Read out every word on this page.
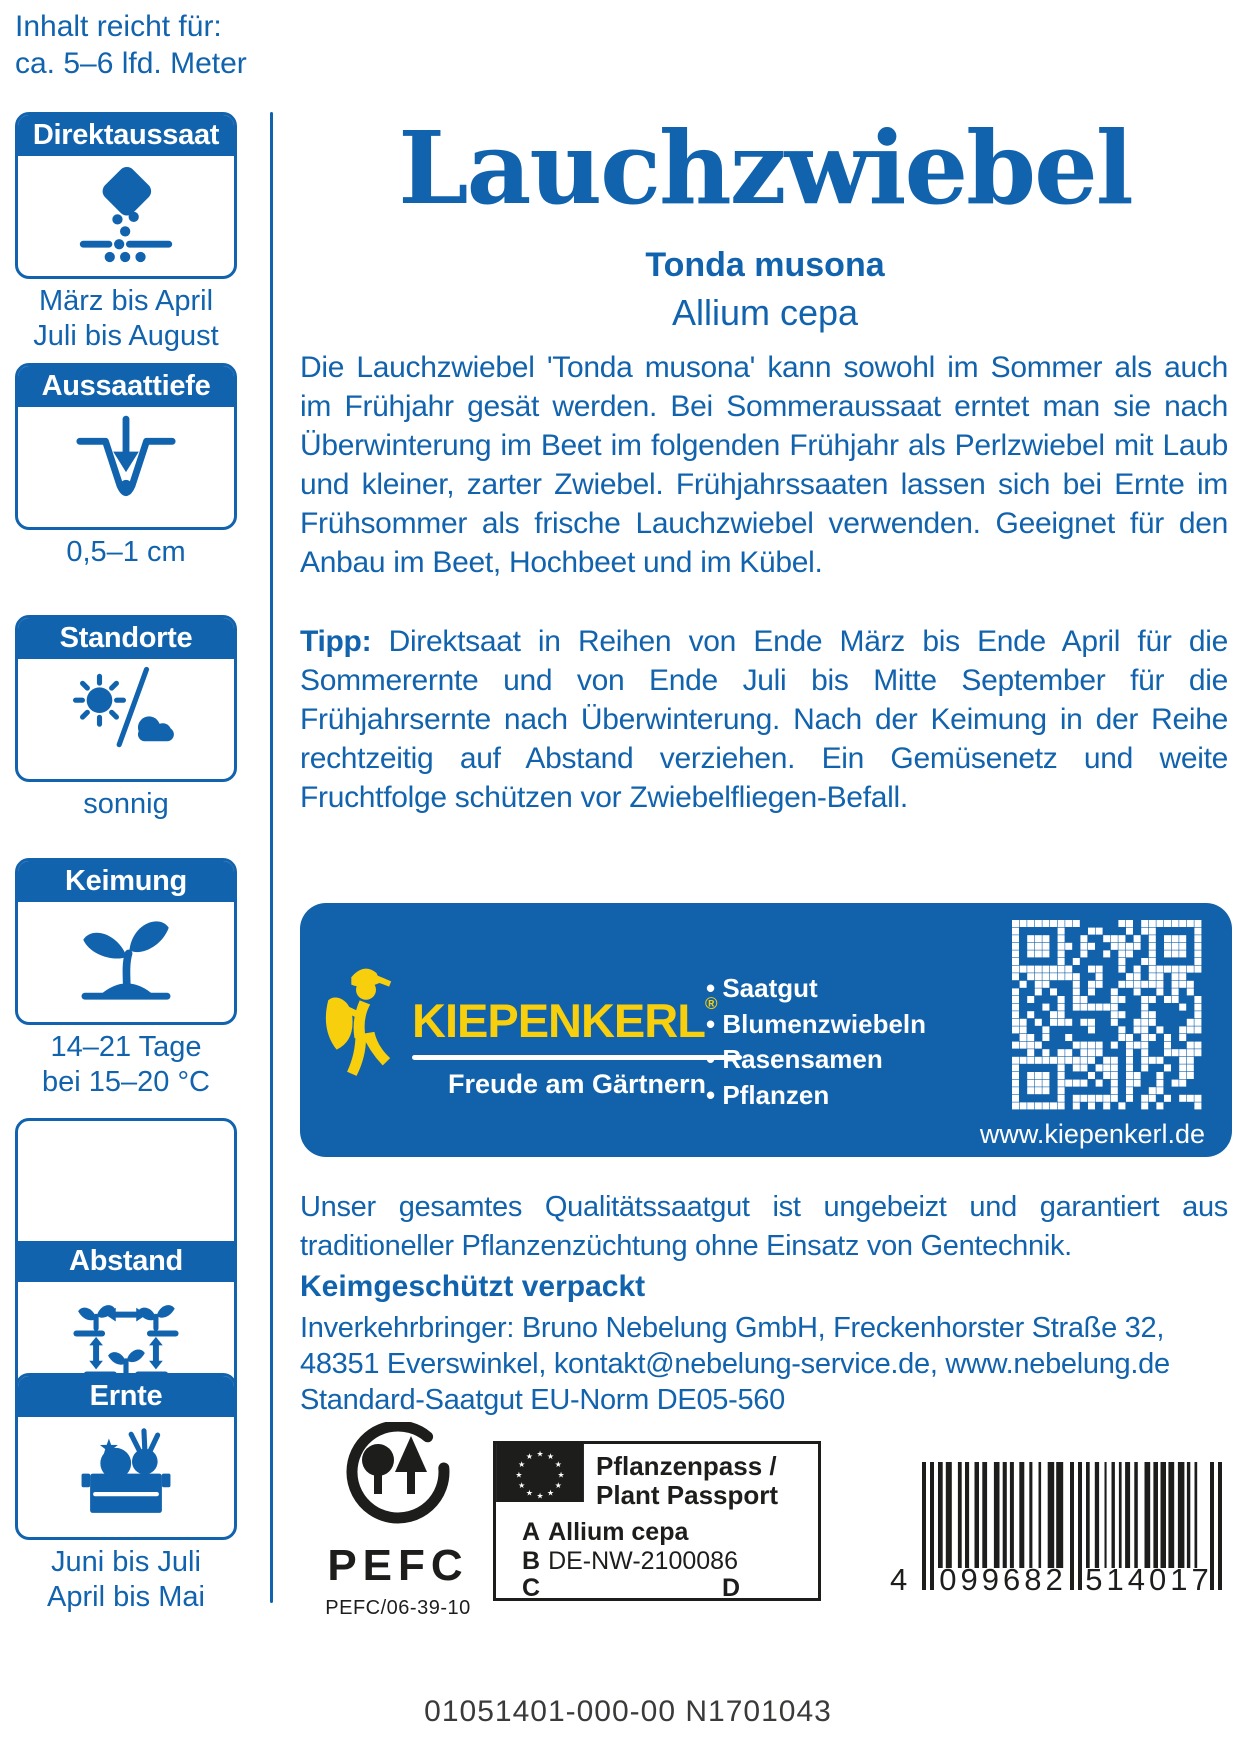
Inhalt reicht für:
ca. 5–6 lfd. Meter
Direktaussaat
März bis April
Juli bis August
Aussaattiefe
0,5–1 cm
Standorte
sonnig
Keimung
14–21 Tage
bei 15–20 °C
Abstand
Ernte
Juni bis Juli
April bis Mai
Lauchzwiebel
Tonda musona
Allium cepa

Die Lauchzwiebel 'Tonda musona' kann sowohl im Sommer als auch im Frühjahr gesät werden. Bei Sommeraussaat erntet man sie nach Überwinterung im Beet im folgenden Frühjahr als Perlzwiebel mit Laub und kleiner, zarter Zwiebel. Frühjahrssaaten lassen sich bei Ernte im Frühsommer als frische Lauchzwiebel verwenden. Geeignet für den Anbau im Beet, Hochbeet und im Kübel.

Tipp: Direktsaat in Reihen von Ende März bis Ende April für die Sommerernte und von Ende Juli bis Mitte September für die Frühjahrsernte nach Überwinterung. Nach der Keimung in der Reihe rechtzeitig auf Abstand verziehen. Ein Gemüsenetz und weite Fruchtfolge schützen vor Zwiebelfliegen-Befall.

KIEPENKERL®
Freude am Gärtnern
• Saatgut
• Blumenzwiebeln
• Rasensamen
• Pflanzen
www.kiepenkerl.de

Unser gesamtes Qualitätssaatgut ist ungebeizt und garantiert aus traditioneller Pflanzenzüchtung ohne Einsatz von Gentechnik.

Keimgeschützt verpackt
Inverkehrbringer: Bruno Nebelung GmbH, Freckenhorster Straße 32,
48351 Everswinkel, kontakt@nebelung-service.de, www.nebelung.de
Standard-Saatgut EU-Norm DE05-560
PEFC
PEFC/06-39-10
★ ★
★
★
★
★
★
★
★
★
★
★ Pflanzenpass /
Plant Passport
A Allium cepa
B DE-NW-2100086
C	D	4 099682 514017
01051401-000-00 N1701043
